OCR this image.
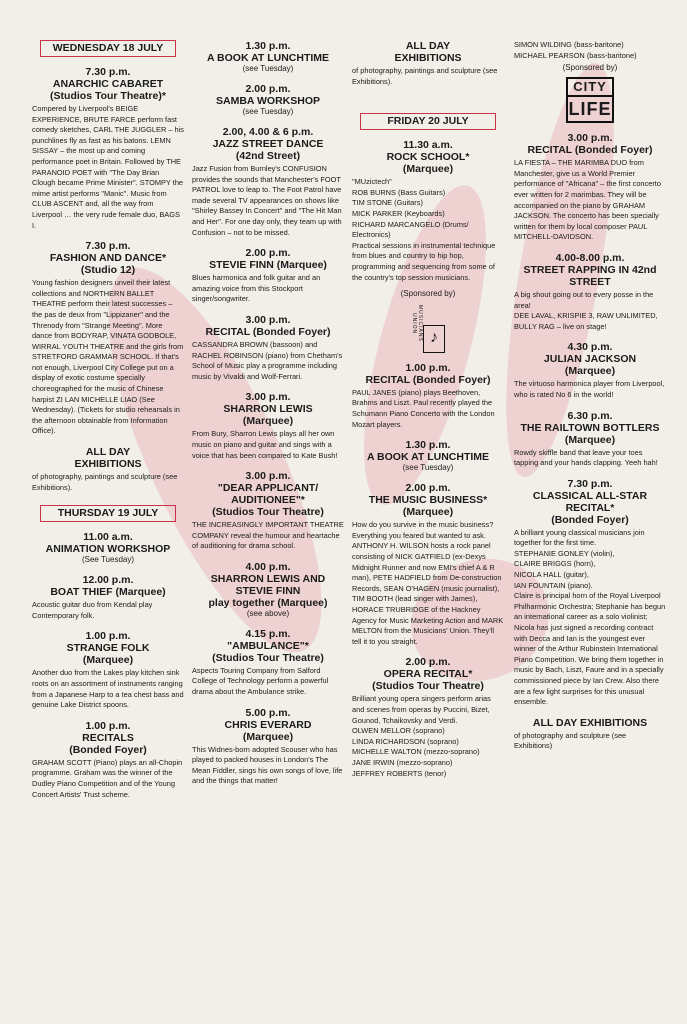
WEDNESDAY 18 JULY
7.30 p.m.
ANARCHIC CABARET
(Studios Tour Theatre)*
Compered by Liverpool's BEIGE EXPERIENCE, BRUTE FARCE perform fast comedy sketches, CARL THE JUGGLER – his punchlines fly as fast as his batons. LEMN SISSAY – the most up and coming performance poet in Britain. Followed by THE PARANOID POET with "The Day Brian Clough became Prime Minister". STOMPY the mime artist performs "Manic". Music from CLUB ASCENT and, all the way from Liverpool … the very rude female duo, BAGS I.
7.30 p.m.
FASHION AND DANCE*
(Studio 12)
Young fashion designers unveil their latest collections and NORTHERN BALLET THEATRE perform their latest successes – the pas de deux from "Lippizaner" and the Threnody from "Strange Meeting". More dance from BODYRAP, VINATA GODBOLE, WIRRAL YOUTH THEATRE and the girls from STRETFORD GRAMMAR SCHOOL. If that's not enough, Liverpool City College put on a display of exotic costume specially choreographed for the music of Chinese harpist ZI LAN MICHELLE LIAO (See Wednesday). (Tickets for studio rehearsals in the afternoon obtainable from Information Office).
ALL DAY
EXHIBITIONS
of photography, paintings and sculpture (see Exhibitions).
THURSDAY 19 JULY
11.00 a.m.
ANIMATION WORKSHOP
(See Tuesday)
12.00 p.m.
BOAT THIEF (Marquee)
Acoustic guitar duo from Kendal play Contemporary folk.
1.00 p.m.
STRANGE FOLK
(Marquee)
Another duo from the Lakes play kitchen sink roots on an assortment of instruments ranging from a Japanese Harp to a tea chest bass and genuine Lake District spoons.
1.00 p.m.
RECITALS
(Bonded Foyer)
GRAHAM SCOTT (Piano) plays an all-Chopin programme. Graham was the winner of the Dudley Piano Competition and of the Young Concert Artists' Trust scheme.
1.30 p.m.
A BOOK AT LUNCHTIME
(see Tuesday)
2.00 p.m.
SAMBA WORKSHOP
(see Tuesday)
2.00, 4.00 & 6 p.m.
JAZZ STREET DANCE
(42nd Street)
Jazz Fusion from Burnley's CONFUSION provides the sounds that Manchester's FOOT PATROL love to leap to. The Foot Patrol have made several TV appearances on shows like "Shirley Bassey In Concert" and "The Hit Man and Her". For one day only, they team up with Confusion – not to be missed.
2.00 p.m.
STEVIE FINN (Marquee)
Blues harmonica and folk guitar and an amazing voice from this Stockport singer/songwriter.
3.00 p.m.
RECITAL (Bonded Foyer)
CASSANDRA BROWN (bassoon) and RACHEL ROBINSON (piano) from Chetham's School of Music play a programme including music by Vivaldi and Wolf-Ferrari.
3.00 p.m.
SHARRON LEWIS
(Marquee)
From Bury, Sharron Lewis plays all her own music on piano and guitar and sings with a voice that has been compared to Kate Bush!
3.00 p.m.
"DEAR APPLICANT/ AUDITIONEE"*
(Studios Tour Theatre)
THE INCREASINGLY IMPORTANT THEATRE COMPANY reveal the humour and heartache of auditioning for drama school.
4.00 p.m.
SHARRON LEWIS AND STEVIE FINN
play together (Marquee)
(see above)
4.15 p.m.
"AMBULANCE"*
(Studios Tour Theatre)
Aspects Touring Company from Salford College of Technology perform a powerful drama about the Ambulance strike.
5.00 p.m.
CHRIS EVERARD
(Marquee)
This Widnes-born adopted Scouser who has played to packed houses in London's The Mean Fiddler, sings his own songs of love, life and the things that matter!
ALL DAY
EXHIBITIONS
of photography, paintings and sculpture (see Exhibitions).
FRIDAY 20 JULY
11.30 a.m.
ROCK SCHOOL*
(Marquee)
"MUzictech"
ROB BURNS (Bass Guitars)
TIM STONE (Guitars)
MICK PARKER (Keyboards)
RICHARD MARCANGELO (Drums/ Electronics)
Practical sessions in instrumental technique from blues and country to hip hop, programming and sequencing from some of the country's top session musicians.
(Sponsored by)
MUSICIANS UNION♪
1.00 p.m.
RECITAL (Bonded Foyer)
PAUL JANES (piano) plays Beethoven, Brahms and Liszt. Paul recently played the Schumann Piano Concerto with the London Mozart players.
1.30 p.m.
A BOOK AT LUNCHTIME
(see Tuesday)
2.00 p.m.
THE MUSIC BUSINESS* (Marquee)
How do you survive in the music business? Everything you feared but wanted to ask. ANTHONY H. WILSON hosts a rock panel consisting of NICK GATFIELD (ex-Dexys Midnight Runner and now EMI's chief A & R man), PETE HADFIELD from De-construction Records, SEAN O'HAGEN (music journalist), TIM BOOTH (lead singer with James), HORACE TRUBRIDGE of the Hackney Agency for Music Marketing Action and MARK MELTON from the Musicians' Union. They'll tell it to you straight.
2.00 p.m.
OPERA RECITAL*
(Studios Tour Theatre)
Brilliant young opera singers perform arias and scenes from operas by Puccini, Bizet, Gounod, Tchaikovsky and Verdi.
OLWEN MELLOR (soprano)
LINDA RICHARDSON (soprano)
MICHELLE WALTON (mezzo-soprano)
JANE IRWIN (mezzo-soprano)
JEFFREY ROBERTS (tenor)
SIMON WILDING (bass-baritone)
MICHAEL PEARSON (bass-baritone)
(Sponsored by)
CITY
LIFE
3.00 p.m.
RECITAL (Bonded Foyer)
LA FIESTA – THE MARIMBA DUO from Manchester, give us a World Premier performance of "Africana" – the first concerto ever written for 2 marimbas. They will be accompanied on the piano by GRAHAM JACKSON. The concerto has been specially written for them by local composer PAUL MITCHELL-DAVIDSON.
4.00-8.00 p.m.
STREET RAPPING IN 42nd STREET
A big shout going out to every posse in the area!
DEE LAVAL, KRISPIE 3, RAW UNLIMITED, BULLY RAG – live on stage!
4.30 p.m.
JULIAN JACKSON
(Marquee)
The virtuoso harmonica player from Liverpool, who is rated No 6 in the world!
6.30 p.m.
THE RAILTOWN BOTTLERS (Marquee)
Rowdy skiffle band that leave your toes tapping and your hands clapping. Yeeh hah!
7.30 p.m.
CLASSICAL ALL-STAR RECITAL*
(Bonded Foyer)
A brilliant young classical musicians join together for the first time.
STEPHANIE GONLEY (violin),
CLAIRE BRIGGS (horn),
NICOLA HALL (guitar),
IAN FOUNTAIN (piano).
Claire is principal horn of the Royal Liverpool Philharmonic Orchestra; Stephanie has begun an international career as a solo violinist; Nicola has just signed a recording contract with Decca and Ian is the youngest ever winner of the Arthur Rubinstein International Piano Competition. We bring them together in music by Bach, Liszt, Faure and in a specially commissioned piece by Ian Crew. Also there are a few light surprises for this unusual ensemble.
ALL DAY EXHIBITIONS
of photography and sculpture (see Exhibitions)
